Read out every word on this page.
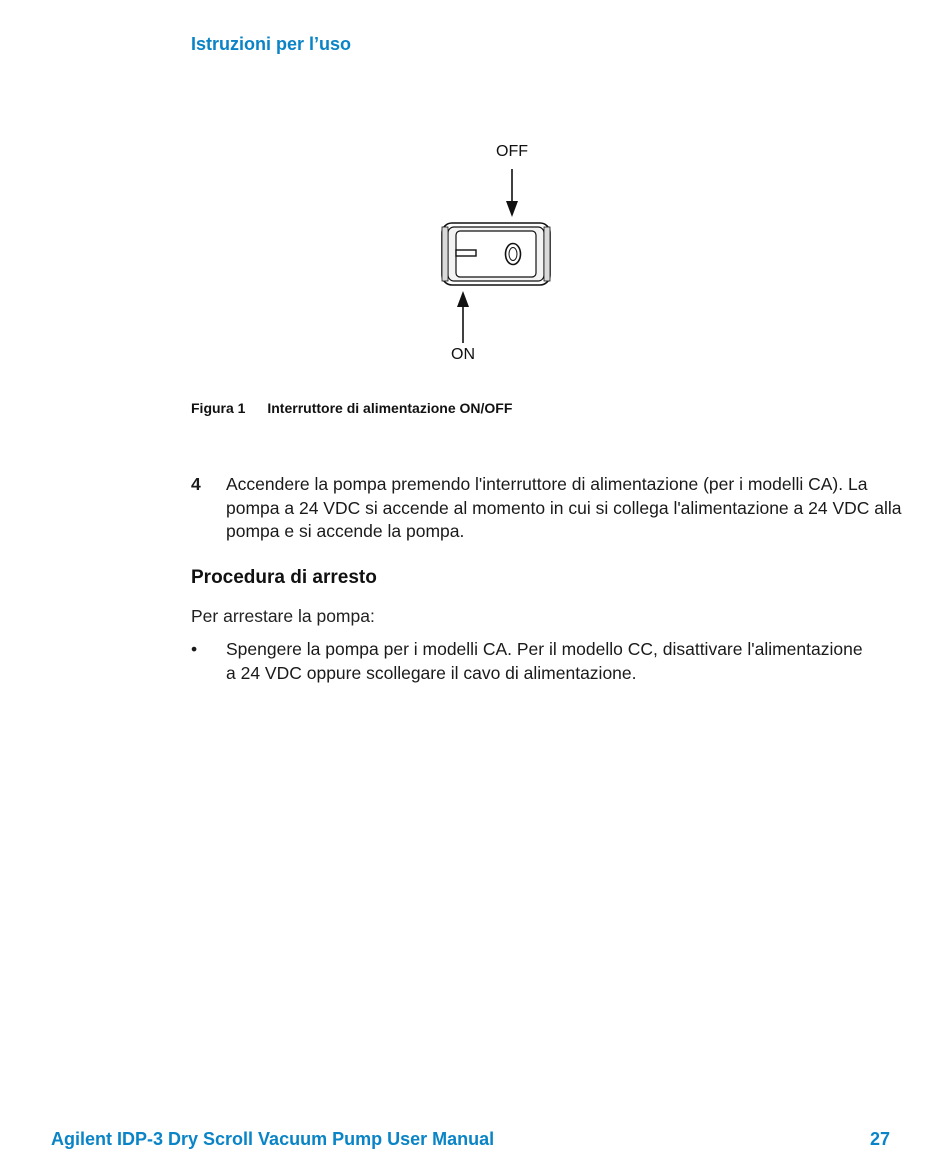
Istruzioni per l’uso
OFF
ON
Figura 1 Interruttore di alimentazione ON/OFF
4 Accendere la pompa premendo l'interruttore di alimentazione (per i modelli CA). La pompa a 24 VDC si accende al momento in cui si collega l'alimentazione a 24 VDC alla pompa e si accende la pompa.
Procedura di arresto
Per arrestare la pompa:
• Spengere la pompa per i modelli CA. Per il modello CC, disattivare l'alimentazione a 24 VDC oppure scollegare il cavo di alimentazione.
Agilent IDP-3 Dry Scroll Vacuum Pump User Manual	27
